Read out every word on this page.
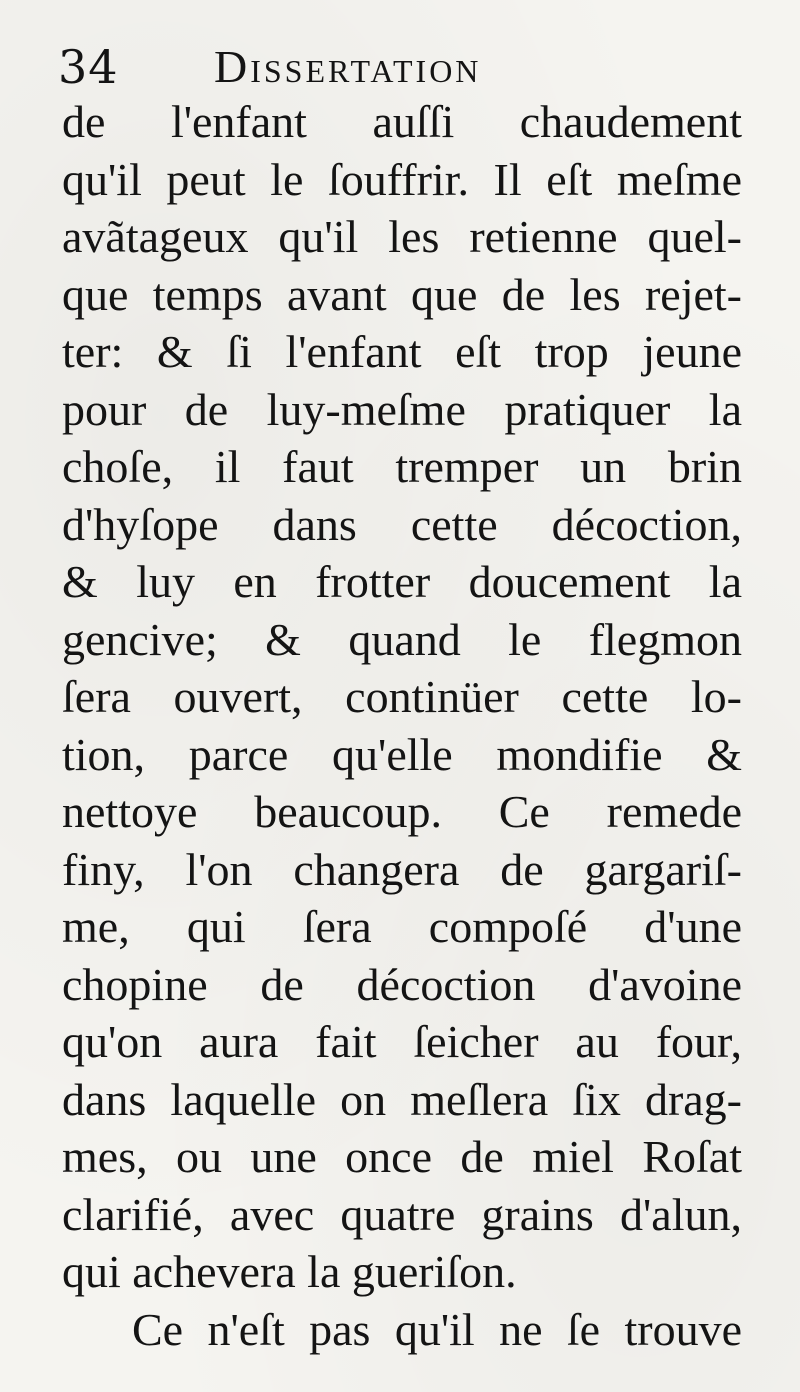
34 Dissertation
de l'enfant auſſi chaudement
qu'il peut le ſouffrir. Il eſt meſme
avãtageux qu'il les retienne quel-
que temps avant que de les rejet-
ter: & ſi l'enfant eſt trop jeune
pour de luy-meſme pratiquer la
choſe, il faut tremper un brin
d'hyſope dans cette décoction,
& luy en frotter doucement la
gencive; & quand le flegmon
ſera ouvert, continüer cette lo-
tion, parce qu'elle mondifie &
nettoye beaucoup. Ce remede
finy, l'on changera de gargariſ-
me, qui ſera compoſé d'une
chopine de décoction d'avoine
qu'on aura fait ſeicher au four,
dans laquelle on meſlera ſix drag-
mes, ou une once de miel Roſat
clarifié, avec quatre grains d'alun,
qui achevera la gueriſon.
Ce n'eſt pas qu'il ne ſe trouve
